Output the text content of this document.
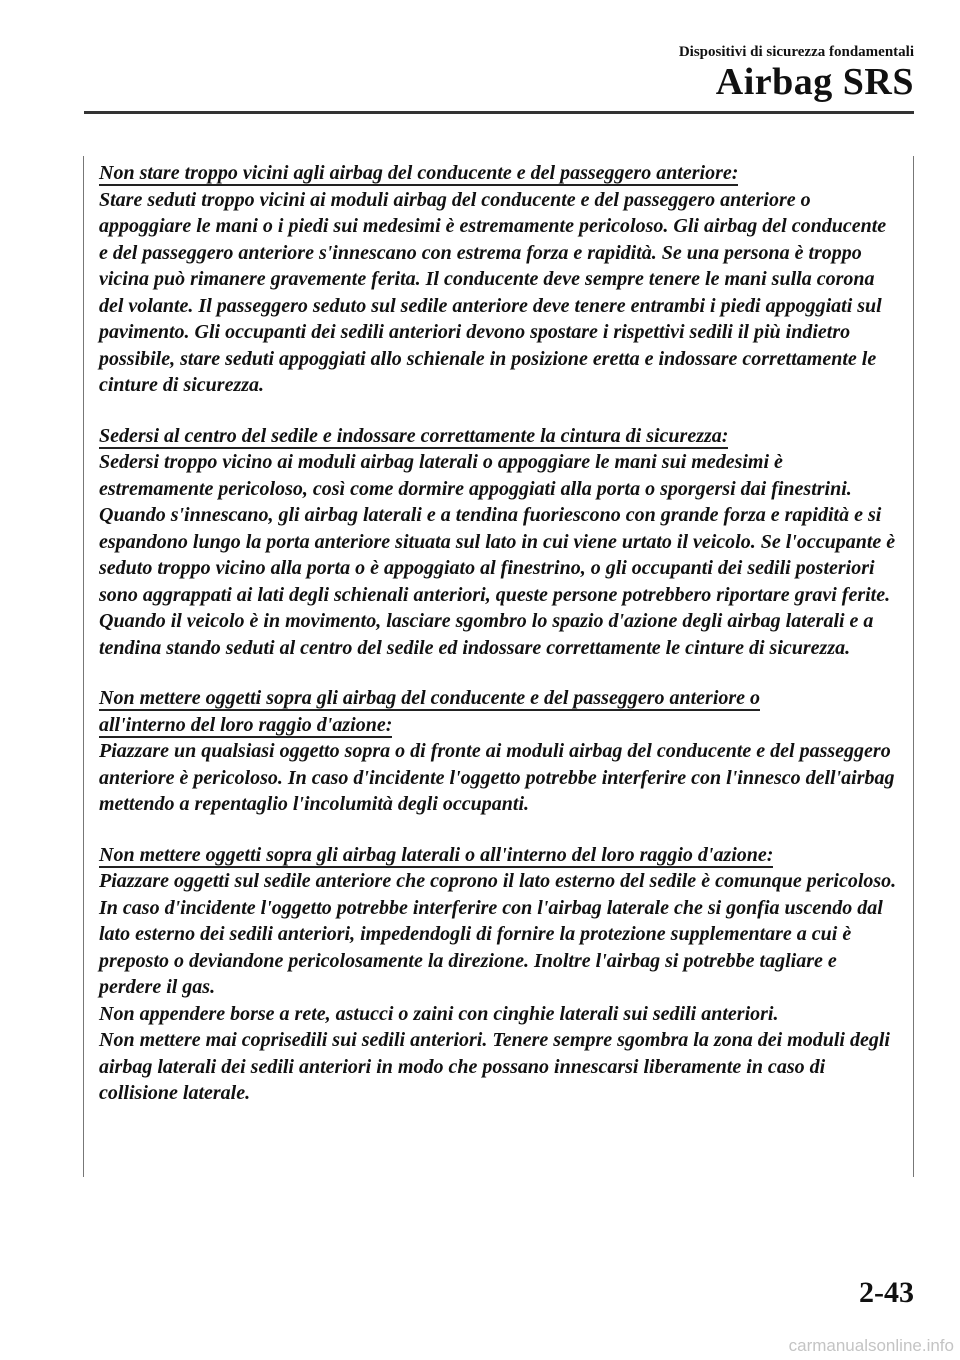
Dispositivi di sicurezza fondamentali
Airbag SRS
Non stare troppo vicini agli airbag del conducente e del passeggero anteriore:

Stare seduti troppo vicini ai moduli airbag del conducente e del passeggero anteriore o appoggiare le mani o i piedi sui medesimi è estremamente pericoloso. Gli airbag del conducente e del passeggero anteriore s'innescano con estrema forza e rapidità. Se una persona è troppo vicina può rimanere gravemente ferita. Il conducente deve sempre tenere le mani sulla corona del volante. Il passeggero seduto sul sedile anteriore deve tenere entrambi i piedi appoggiati sul pavimento. Gli occupanti dei sedili anteriori devono spostare i rispettivi sedili il più indietro possibile, stare seduti appoggiati allo schienale in posizione eretta e indossare correttamente le cinture di sicurezza.

Sedersi al centro del sedile e indossare correttamente la cintura di sicurezza:

Sedersi troppo vicino ai moduli airbag laterali o appoggiare le mani sui medesimi è estremamente pericoloso, così come dormire appoggiati alla porta o sporgersi dai finestrini. Quando s'innescano, gli airbag laterali e a tendina fuoriescono con grande forza e rapidità e si espandono lungo la porta anteriore situata sul lato in cui viene urtato il veicolo. Se l'occupante è seduto troppo vicino alla porta o è appoggiato al finestrino, o gli occupanti dei sedili posteriori sono aggrappati ai lati degli schienali anteriori, queste persone potrebbero riportare gravi ferite. Quando il veicolo è in movimento, lasciare sgombro lo spazio d'azione degli airbag laterali e a tendina stando seduti al centro del sedile ed indossare correttamente le cinture di sicurezza.

Non mettere oggetti sopra gli airbag del conducente e del passeggero anteriore o
all'interno del loro raggio d'azione:

Piazzare un qualsiasi oggetto sopra o di fronte ai moduli airbag del conducente e del passeggero anteriore è pericoloso. In caso d'incidente l'oggetto potrebbe interferire con l'innesco dell'airbag mettendo a repentaglio l'incolumità degli occupanti.

Non mettere oggetti sopra gli airbag laterali o all'interno del loro raggio d'azione:

Piazzare oggetti sul sedile anteriore che coprono il lato esterno del sedile è comunque pericoloso. In caso d'incidente l'oggetto potrebbe interferire con l'airbag laterale che si gonfia uscendo dal lato esterno dei sedili anteriori, impedendogli di fornire la protezione supplementare a cui è preposto o deviandone pericolosamente la direzione. Inoltre l'airbag si potrebbe tagliare e perdere il gas.

Non appendere borse a rete, astucci o zaini con cinghie laterali sui sedili anteriori.

Non mettere mai coprisedili sui sedili anteriori. Tenere sempre sgombra la zona dei moduli degli airbag laterali dei sedili anteriori in modo che possano innescarsi liberamente in caso di collisione laterale.

2-43
carmanualsonline.info
